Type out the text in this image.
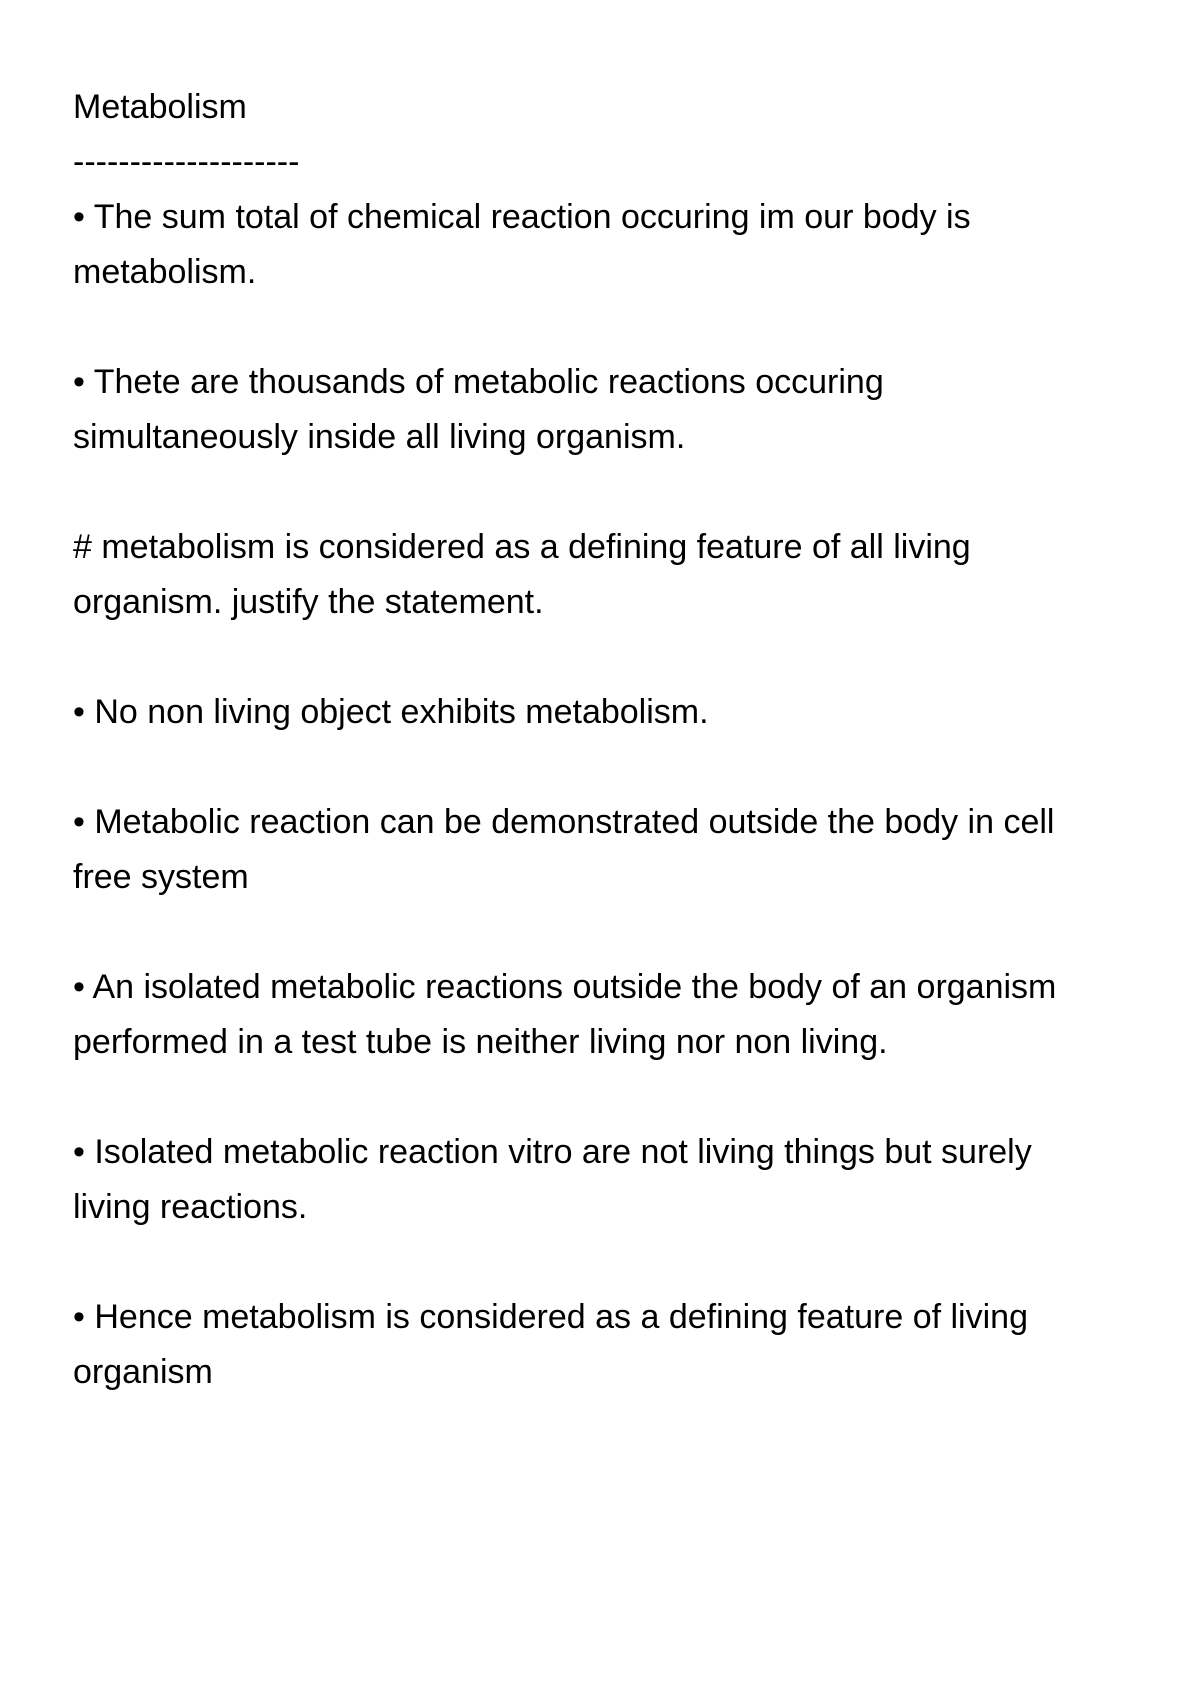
Metabolism

--------------------

• The sum total of chemical reaction occuring im our body is

metabolism.

• Thete are thousands of metabolic reactions occuring

simultaneously inside all living organism.

# metabolism is considered as a defining feature of all living

organism. justify the statement.

• No non living object exhibits metabolism.

• Metabolic reaction can be demonstrated outside the body in cell

free system

• An isolated metabolic reactions outside the body of an organism

performed in a test tube is neither living nor non living.

• Isolated metabolic reaction vitro are not living things but surely

living reactions.

• Hence metabolism is considered as a defining feature of living

organism
